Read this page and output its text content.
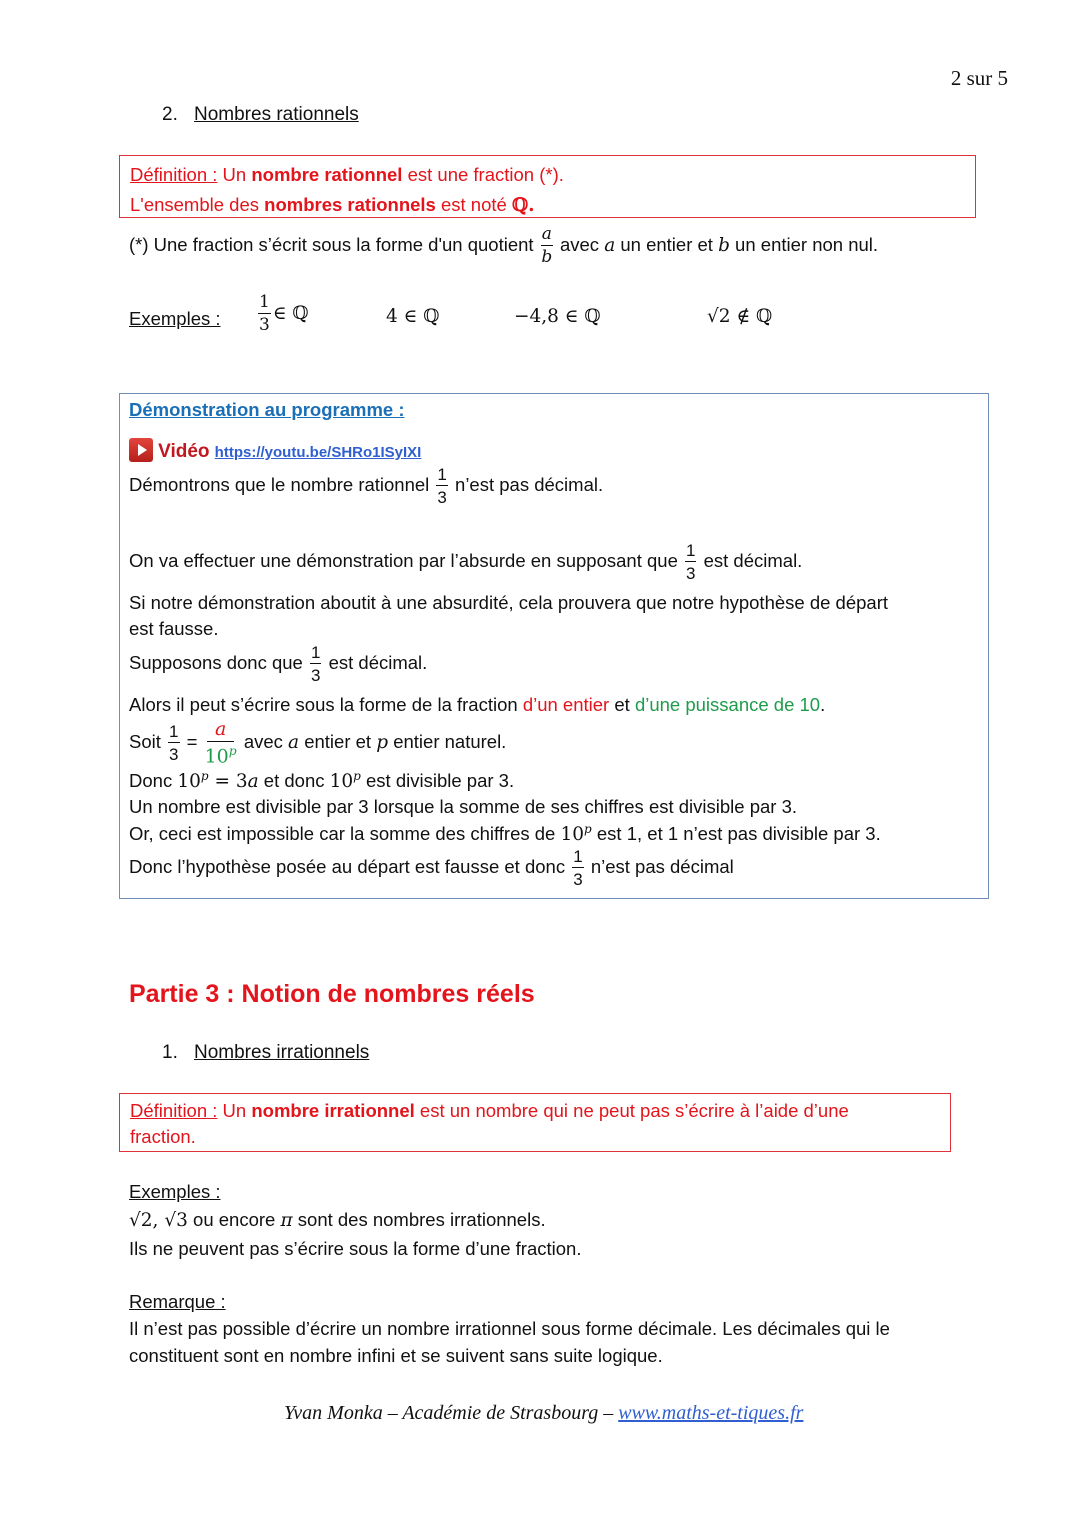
2 sur 5
2. Nombres rationnels
Définition : Un nombre rationnel est une fraction (*).
L'ensemble des nombres rationnels est noté ℚ.
(*) Une fraction s’écrit sous la forme d'un quotient $\frac{a}{b}$ avec a un entier et b un entier non nul.
Exemples : $\frac{1}{3}$ ∈ ℚ	4 ∈ ℚ	−4,8 ∈ ℚ	√2 ∉ ℚ
Démonstration au programme :
Vidéo https://youtu.be/SHRo1ISyIXI
Démontrons que le nombre rationnel $\frac{1}{3}$ n’est pas décimal.
On va effectuer une démonstration par l’absurde en supposant que $\frac{1}{3}$ est décimal.
Si notre démonstration aboutit à une absurdité, cela prouvera que notre hypothèse de départ
est fausse.
Supposons donc que $\frac{1}{3}$ est décimal.
Alors il peut s’écrire sous la forme de la fraction d’un entier et d’une puissance de 10.
Soit $\frac{1}{3} = \frac{a}{10^p}$ avec a entier et p entier naturel.
Donc $10^p = 3a$ et donc 10$^p$ est divisible par 3.
Un nombre est divisible par 3 lorsque la somme de ses chiffres est divisible par 3.
Or, ceci est impossible car la somme des chiffres de 10$^p$ est 1, et 1 n’est pas divisible par 3.
Donc l’hypothèse posée au départ est fausse et donc $\frac{1}{3}$ n’est pas décimal
Partie 3 : Notion de nombres réels
1. Nombres irrationnels
Définition : Un nombre irrationnel est un nombre qui ne peut pas s’écrire à l’aide d’une
fraction.
Exemples :
√2, √3 ou encore π sont des nombres irrationnels.
Ils ne peuvent pas s’écrire sous la forme d’une fraction.
Remarque :
Il n’est pas possible d’écrire un nombre irrationnel sous forme décimale. Les décimales qui le
constituent sont en nombre infini et se suivent sans suite logique.
Yvan Monka – Académie de Strasbourg – www.maths-et-tiques.fr
